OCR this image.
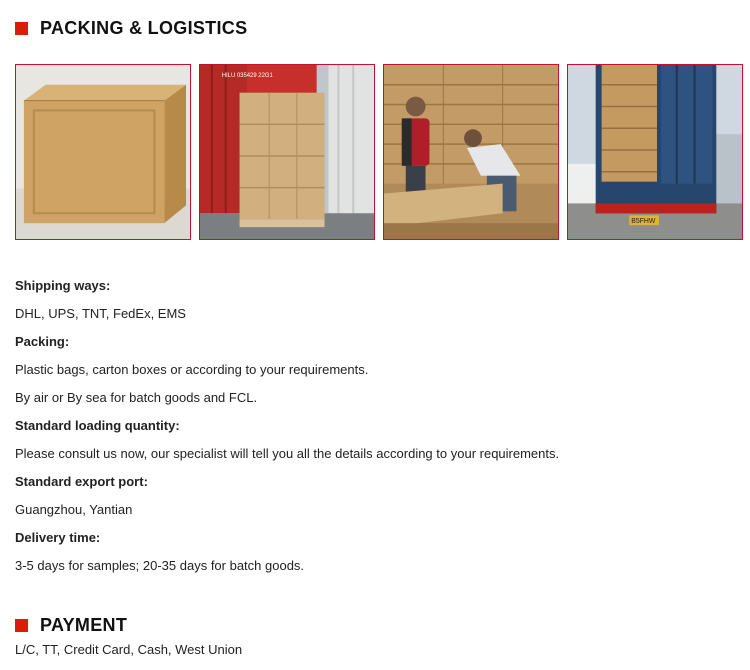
PACKING & LOGISTICS
HILU 035429 22G1
B5FHW
Shipping ways:
DHL, UPS, TNT, FedEx, EMS
Packing:
Plastic bags, carton boxes or according to your requirements.
By air or By sea for batch goods and FCL.
Standard loading quantity:
Please consult us now, our specialist will tell you all the details according to your requirements.
Standard export port:
Guangzhou, Yantian
Delivery time:
3-5 days for samples; 20-35 days for batch goods.
PAYMENT
L/C, TT, Credit Card, Cash, West Union
